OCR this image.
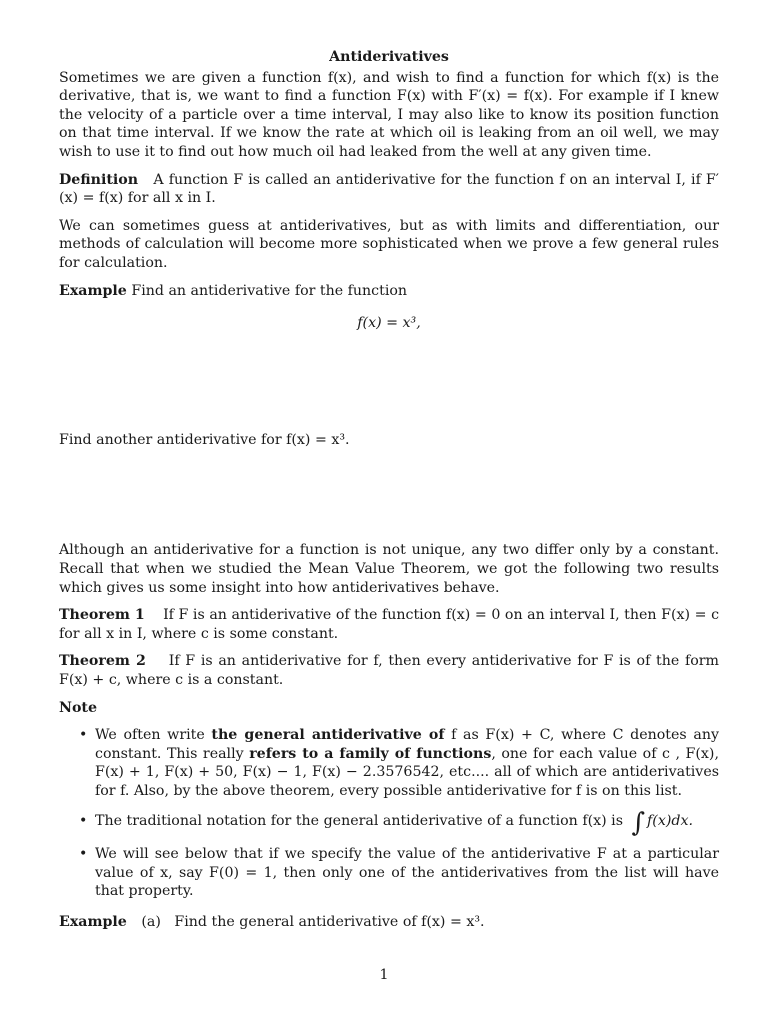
Antiderivatives

Sometimes we are given a function f(x), and wish to find a function for which f(x) is the derivative, that is, we want to find a function F(x) with F′(x) = f(x). For example if I knew the velocity of a particle over a time interval, I may also like to know its position function on that time interval. If we know the rate at which oil is leaking from an oil well, we may wish to use it to find out how much oil had leaked from the well at any given time.

Definition A function F is called an antiderivative for the function f on an interval I, if F′(x) = f(x) for all x in I.

We can sometimes guess at antiderivatives, but as with limits and differentiation, our methods of calculation will become more sophisticated when we prove a few general rules for calculation.

Example Find an antiderivative for the function

f(x) = x³,

Find another antiderivative for f(x) = x³.

Although an antiderivative for a function is not unique, any two differ only by a constant. Recall that when we studied the Mean Value Theorem, we got the following two results which gives us some insight into how antiderivatives behave.

Theorem 1 If F is an antiderivative of the function f(x) = 0 on an interval I, then F(x) = c for all x in I, where c is some constant.

Theorem 2 If F is an antiderivative for f, then every antiderivative for F is of the form F(x) + c, where c is a constant.

Note

• We often write the general antiderivative of f as F(x) + C, where C denotes any constant. This really refers to a family of functions, one for each value of c , F(x), F(x) + 1, F(x) + 50, F(x) − 1, F(x) − 2.3576542, etc.... all of which are antiderivatives for f. Also, by the above theorem, every possible antiderivative for f is on this list.
• The traditional notation for the general antiderivative of a function f(x) is ∫ f(x)dx.
• We will see below that if we specify the value of the antiderivative F at a particular value of x, say F(0) = 1, then only one of the antiderivatives from the list will have that property.

Example (a) Find the general antiderivative of f(x) = x³.

1
